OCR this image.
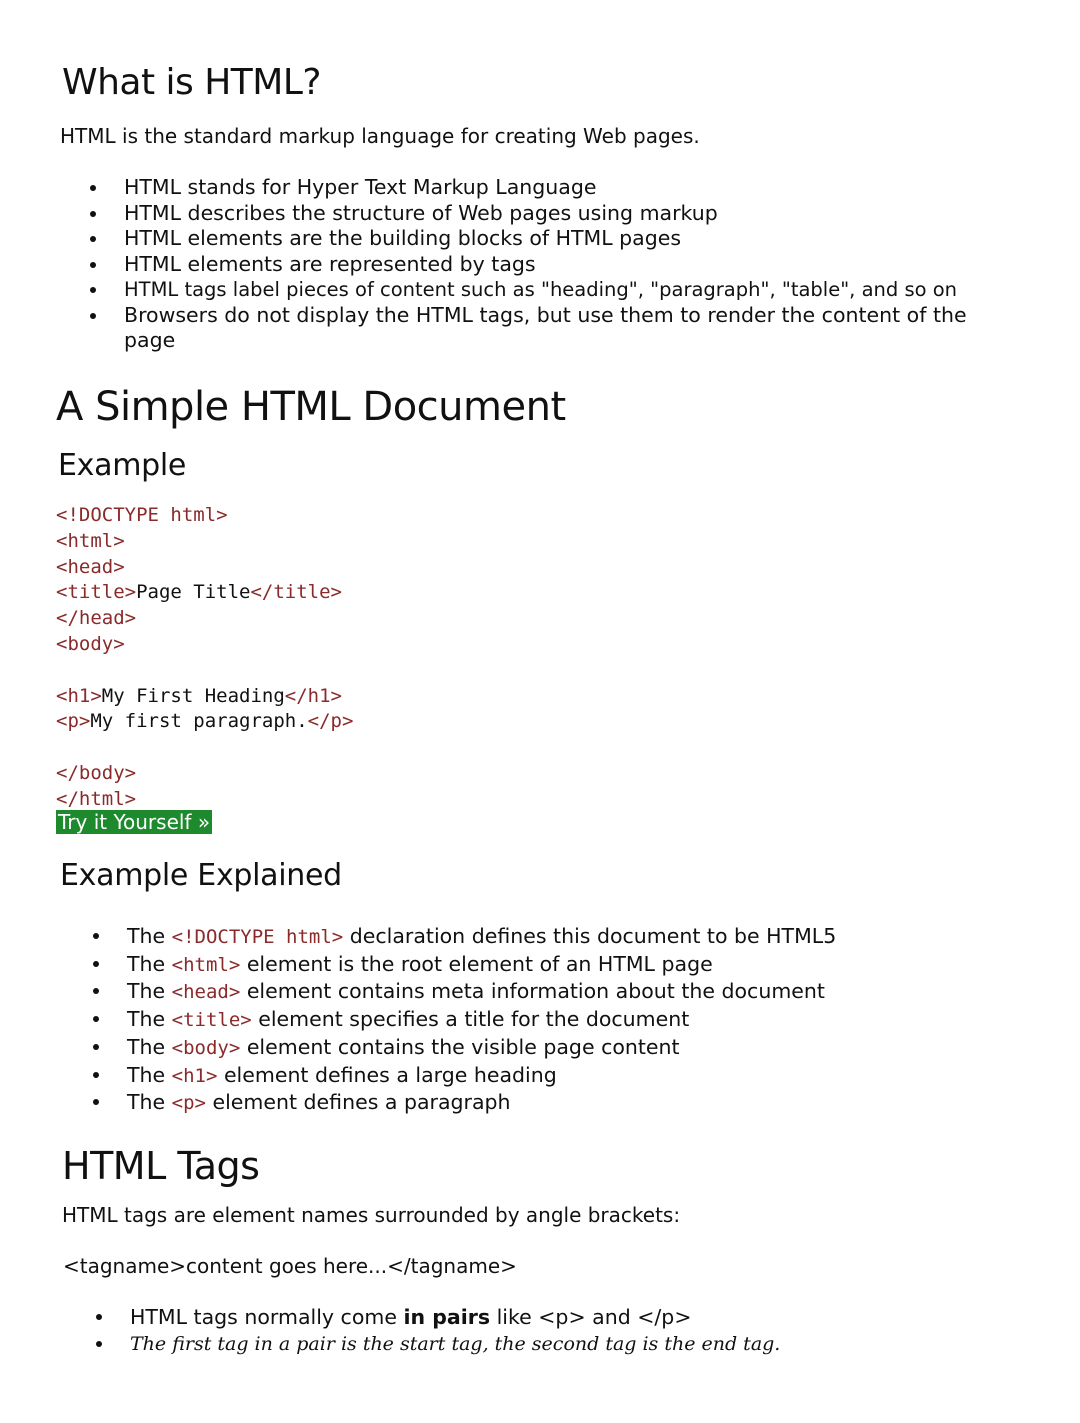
What is HTML?

HTML is the standard markup language for creating Web pages.

HTML stands for Hyper Text Markup Language
HTML describes the structure of Web pages using markup
HTML elements are the building blocks of HTML pages
HTML elements are represented by tags
HTML tags label pieces of content such as "heading", "paragraph", "table", and so on
Browsers do not display the HTML tags, but use them to render the content of the page
A Simple HTML Document
Example
<!DOCTYPE html>
<html>
<head>
<title>Page Title</title>
</head>
<body>

<h1>My First Heading</h1>
<p>My first paragraph.</p>

</body>
</html>
Try it Yourself »
Example Explained
The <!DOCTYPE html> declaration defines this document to be HTML5
The <html> element is the root element of an HTML page
The <head> element contains meta information about the document
The <title> element specifies a title for the document
The <body> element contains the visible page content
The <h1> element defines a large heading
The <p> element defines a paragraph
HTML Tags

HTML tags are element names surrounded by angle brackets:

<tagname>content goes here...</tagname>

HTML tags normally come in pairs like <p> and </p>
The first tag in a pair is the start tag, the second tag is the end tag.
